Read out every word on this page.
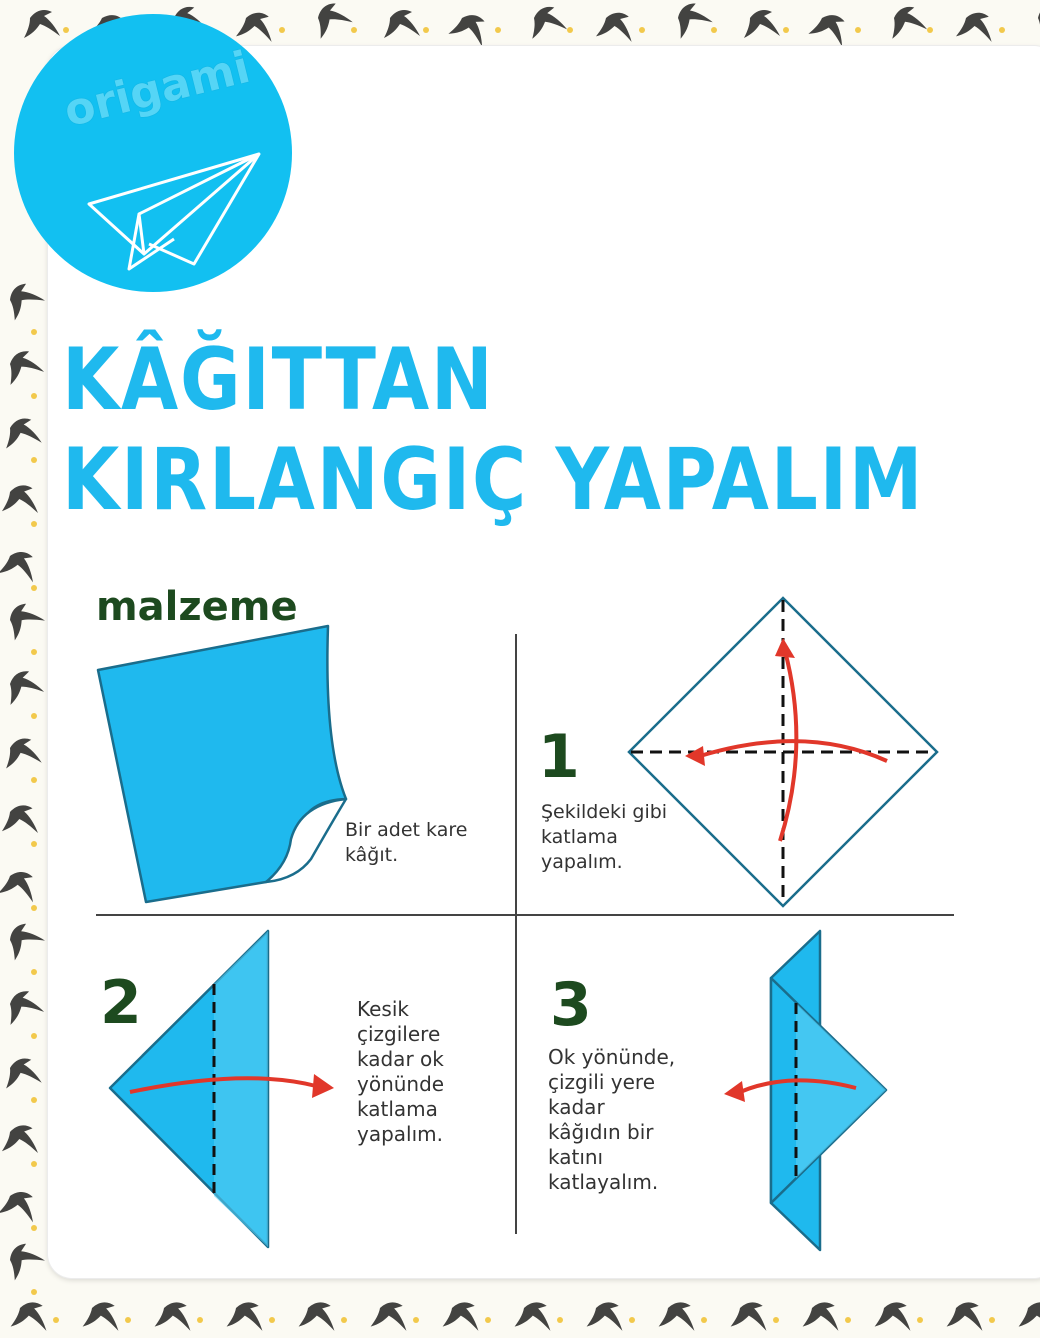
origami
KÂĞITTAN
KIRLANGIÇ YAPALIM
malzeme
Bir adet kare
kâğıt.
1
Şekildeki gibi
katlama
yapalım.
2	Kesik
çizgilere
kadar ok
yönünde
katlama
yapalım.
3
Ok yönünde,
çizgili yere
kadar
kâğıdın bir
katını
katlayalım.
